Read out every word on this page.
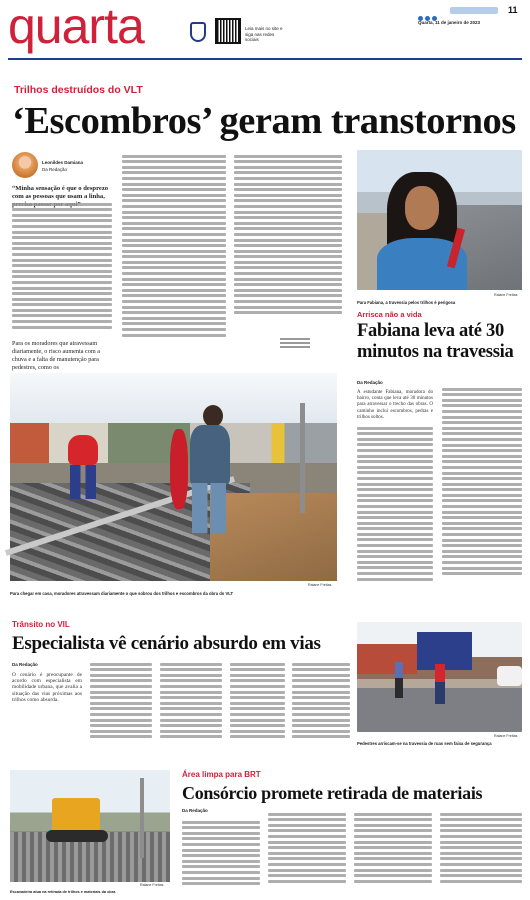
quarta	Leia mais no site e siga nas redes sociais
11
Quarta, 11 de janeiro de 2023
Trilhos destruídos do VLT
‘Escombros’ geram transtornos
Leonildes Damiana
Da Redação
“Minha sensação é que o desprezo com as pessoas que usam a linha,
Para os moradores que atravessam diariamente, o risco aumenta com a chuva e a falta de manutenção para pedestres, como os
Raiane Freitas
Para Fabiana, a travessia pelos trilhos é perigosa
Arrisca não a vida
Fabiana leva até 30 minutos na travessia
Da Redação
A estudante Fabiana, moradora do bairro, conta que leva até 30 minutos para atravessar o trecho das obras. O caminho inclui escombros, pedras e trilhos soltos.
Raiane Freitas
Para chegar em casa, moradores atravessam diariamente o que sobrou dos trilhos e escombros da obra do VLT
Trânsito no VIL
Especialista vê cenário absurdo em vias
Da Redação
O cenário é preocupante de acordo com especialista em mobilidade urbana, que avalia a situação das vias próximas aos trilhos como absurda.
Raiane Freitas
Pedestres arriscam-se na travessia de ruas sem faixa de segurança
Raiane Freitas
Escavadeira atua na retirada de trilhos e materiais da obra
Área limpa para BRT
Consórcio promete retirada de materiais
Da Redação
